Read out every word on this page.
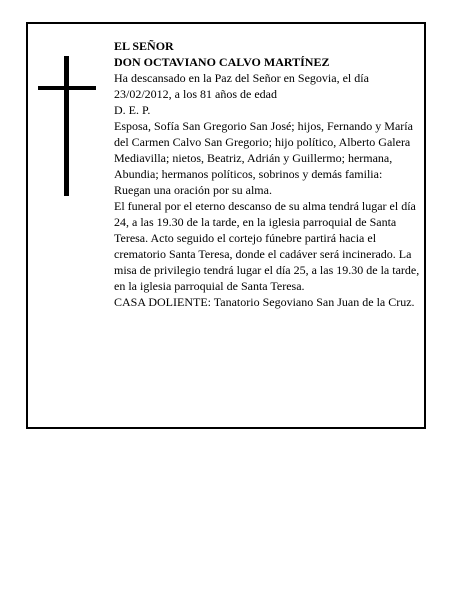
EL SEÑOR

DON OCTAVIANO CALVO MARTÍNEZ

Ha descansado en la Paz del Señor en Segovia, el día 23/02/2012, a los 81 años de edad

D. E. P.

Esposa, Sofía San Gregorio San José; hijos, Fernando y María del Carmen Calvo San Gregorio; hijo político, Alberto Galera Mediavilla; nietos, Beatriz, Adrián y Guillermo; hermana, Abundia; hermanos políticos, sobrinos y demás familia:

Ruegan una oración por su alma.

El funeral por el eterno descanso de su alma tendrá lugar el día 24, a las 19.30 de la tarde, en la iglesia parroquial de Santa Teresa. Acto seguido el cortejo fúnebre partirá hacia el crematorio Santa Teresa, donde el cadáver será incinerado. La misa de privilegio tendrá lugar el día 25, a las 19.30 de la tarde, en la iglesia parroquial de Santa Teresa.

CASA DOLIENTE: Tanatorio Segoviano San Juan de la Cruz.
